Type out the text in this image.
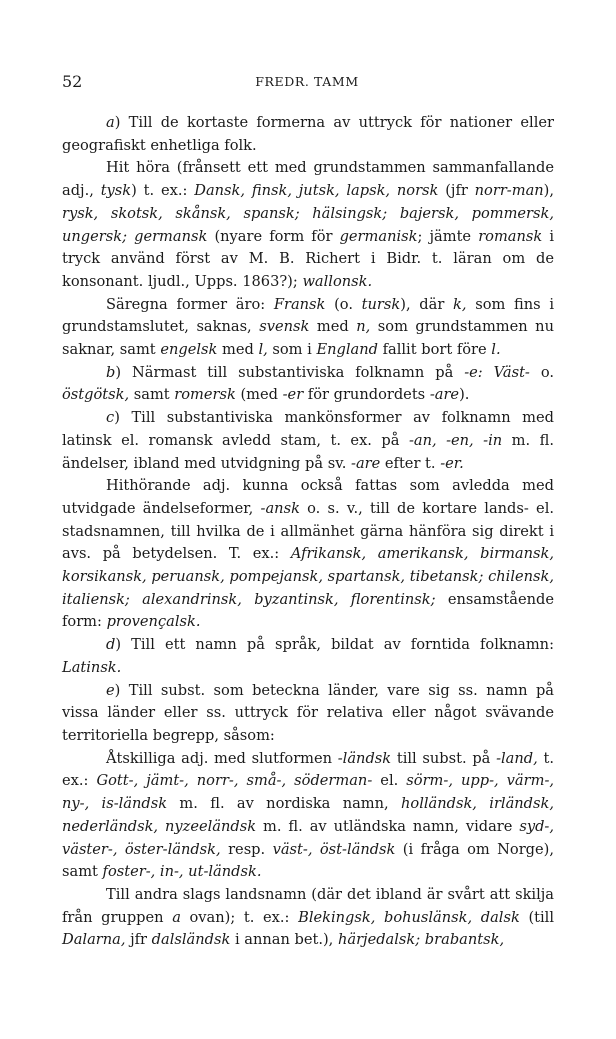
52	FREDR. TAMM

a) Till de kortaste formerna av uttryck för nationer eller geografiskt enhetliga folk.

Hit höra (frånsett ett med grundstammen sammanfallande adj., tysk) t. ex.: Dansk, finsk, jutsk, lapsk, norsk (jfr norr-man), rysk, skotsk, skånsk, spansk; hälsingsk; bajersk, pommersk, ungersk; germansk (nyare form för germanisk; jämte romansk i tryck använd först av M. B. Richert i Bidr. t. läran om de konsonant. ljudl., Upps. 1863?); wallonsk.

Säregna former äro: Fransk (o. tursk), där k, som fins i grundstamslutet, saknas, svensk med n, som grundstammen nu saknar, samt engelsk med l, som i England fallit bort före l.

b) Närmast till substantiviska folknamn på -e: Väst- o. östgötsk, samt romersk (med -er för grundordets -are).

c) Till substantiviska mankönsformer av folknamn med latinsk el. romansk avledd stam, t. ex. på -an, -en, -in m. fl. ändelser, ibland med utvidgning på sv. -are efter t. -er.

Hithörande adj. kunna också fattas som avledda med utvidgade ändelseformer, -ansk o. s. v., till de kortare lands- el. stadsnamnen, till hvilka de i allmänhet gärna hänföra sig direkt i avs. på betydelsen. T. ex.: Afrikansk, amerikansk, birmansk, korsikansk, peruansk, pompejansk, spartansk, tibetansk; chilensk, italiensk; alexandrinsk, byzantinsk, florentinsk; ensamstående form: provençalsk.

d) Till ett namn på språk, bildat av forntida folknamn: Latinsk.

e) Till subst. som beteckna länder, vare sig ss. namn på vissa länder eller ss. uttryck för relativa eller något svävande territoriella begrepp, såsom:

Åtskilliga adj. med slutformen -ländsk till subst. på -land, t. ex.: Gott-, jämt-, norr-, små-, söderman- el. sörm-, upp-, värm-, ny-, is-ländsk m. fl. av nordiska namn, holländsk, irländsk, nederländsk, nyzeeländsk m. fl. av utländska namn, vidare syd-, väster-, öster-ländsk, resp. väst-, öst-ländsk (i fråga om Norge), samt foster-, in-, ut-ländsk.

Till andra slags landsnamn (där det ibland är svårt att skilja från gruppen a ovan); t. ex.: Blekingsk, bohuslänsk, dalsk (till Dalarna, jfr dalsländsk i annan bet.), härjedalsk; brabantsk,
